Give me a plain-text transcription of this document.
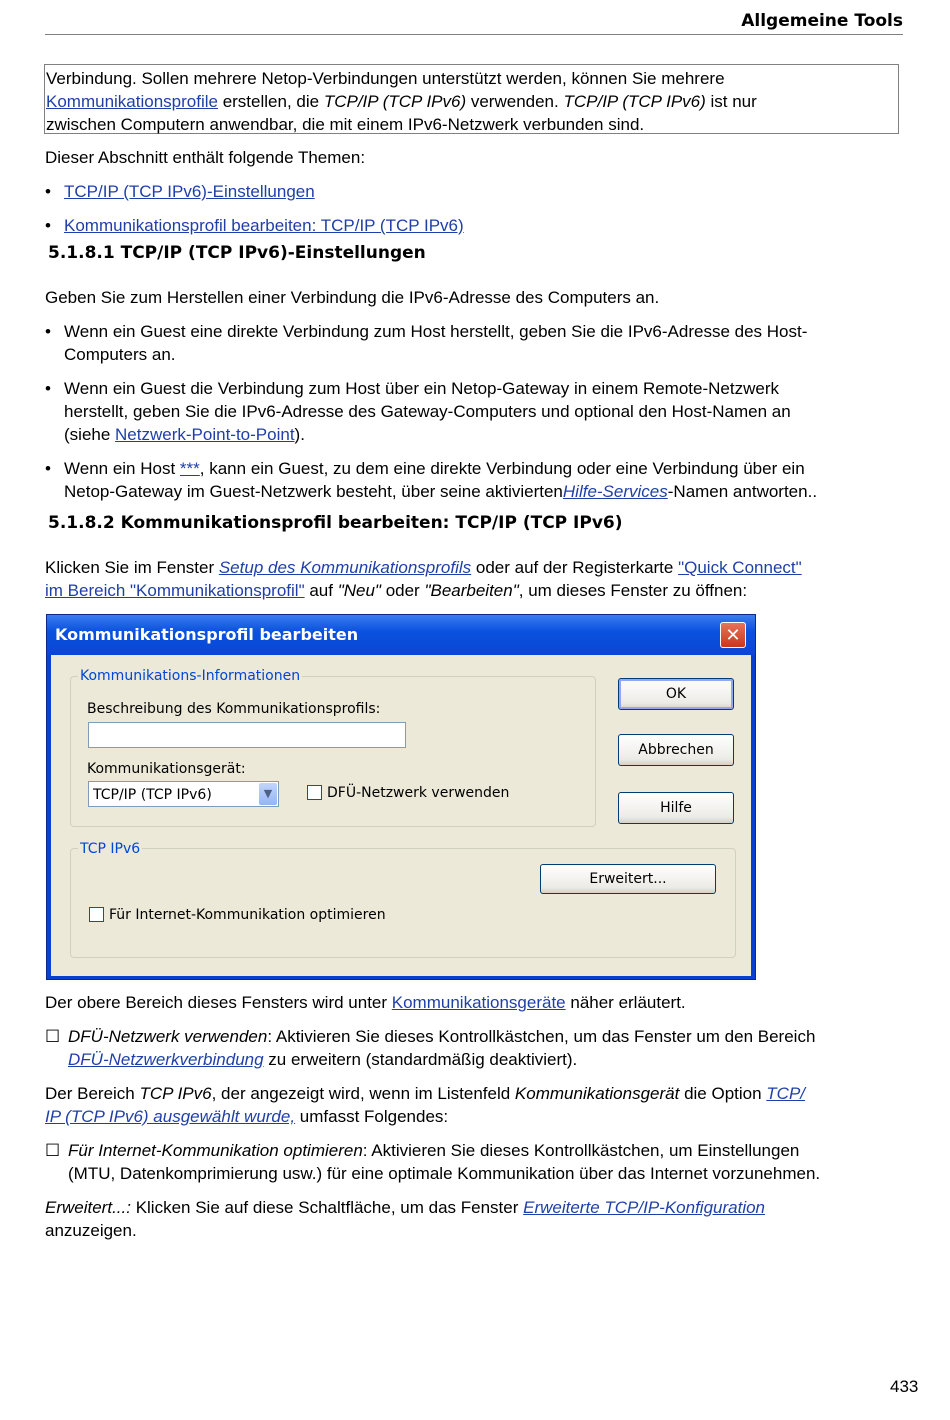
Allgemeine Tools
Verbindung. Sollen mehrere Netop-Verbindungen unterstützt werden, können Sie mehrere
Kommunikationsprofile erstellen, die TCP/IP (TCP IPv6) verwenden. TCP/IP (TCP IPv6) ist nur
zwischen Computern anwendbar, die mit einem IPv6-Netzwerk verbunden sind.

Dieser Abschnitt enthält folgende Themen:

• TCP/IP (TCP IPv6)-Einstellungen
• Kommunikationsprofil bearbeiten: TCP/IP (TCP IPv6)
5.1.8.1 TCP/IP (TCP IPv6)-Einstellungen

Geben Sie zum Herstellen einer Verbindung die IPv6-Adresse des Computers an.

• Wenn ein Guest eine direkte Verbindung zum Host herstellt, geben Sie die IPv6-Adresse des Host-
Computers an.
• Wenn ein Guest die Verbindung zum Host über ein Netop-Gateway in einem Remote-Netzwerk
herstellt, geben Sie die IPv6-Adresse des Gateway-Computers und optional den Host-Namen an
(siehe Netzwerk-Point-to-Point).
• Wenn ein Host ***, kann ein Guest, zu dem eine direkte Verbindung oder eine Verbindung über ein
Netop-Gateway im Guest-Netzwerk besteht, über seine aktiviertenHilfe-Services-Namen antworten..
5.1.8.2 Kommunikationsprofil bearbeiten: TCP/IP (TCP IPv6)
Klicken Sie im Fenster Setup des Kommunikationsprofils oder auf der Registerkarte "Quick Connect"
im Bereich "Kommunikationsprofil" auf "Neu" oder "Bearbeiten", um dieses Fenster zu öffnen:
Kommunikationsprofil bearbeiten	✕
Kommunikations-Informationen
Beschreibung des Kommunikationsprofils:
Kommunikationsgerät:
TCP/IP (TCP IPv6)	▼	DFÜ-Netzwerk verwenden
OK
Abbrechen
Hilfe
TCP IPv6
Erweitert...
Für Internet-Kommunikation optimieren
Der obere Bereich dieses Fensters wird unter Kommunikationsgeräte näher erläutert.
☐ DFÜ-Netzwerk verwenden: Aktivieren Sie dieses Kontrollkästchen, um das Fenster um den Bereich
DFÜ-Netzwerkverbindung zu erweitern (standardmäßig deaktiviert).
Der Bereich TCP IPv6, der angezeigt wird, wenn im Listenfeld Kommunikationsgerät die Option TCP/
IP (TCP IPv6) ausgewählt wurde, umfasst Folgendes:
☐ Für Internet-Kommunikation optimieren: Aktivieren Sie dieses Kontrollkästchen, um Einstellungen
(MTU, Datenkomprimierung usw.) für eine optimale Kommunikation über das Internet vorzunehmen.
Erweitert...: Klicken Sie auf diese Schaltfläche, um das Fenster Erweiterte TCP/IP-Konfiguration
anzuzeigen.
433
